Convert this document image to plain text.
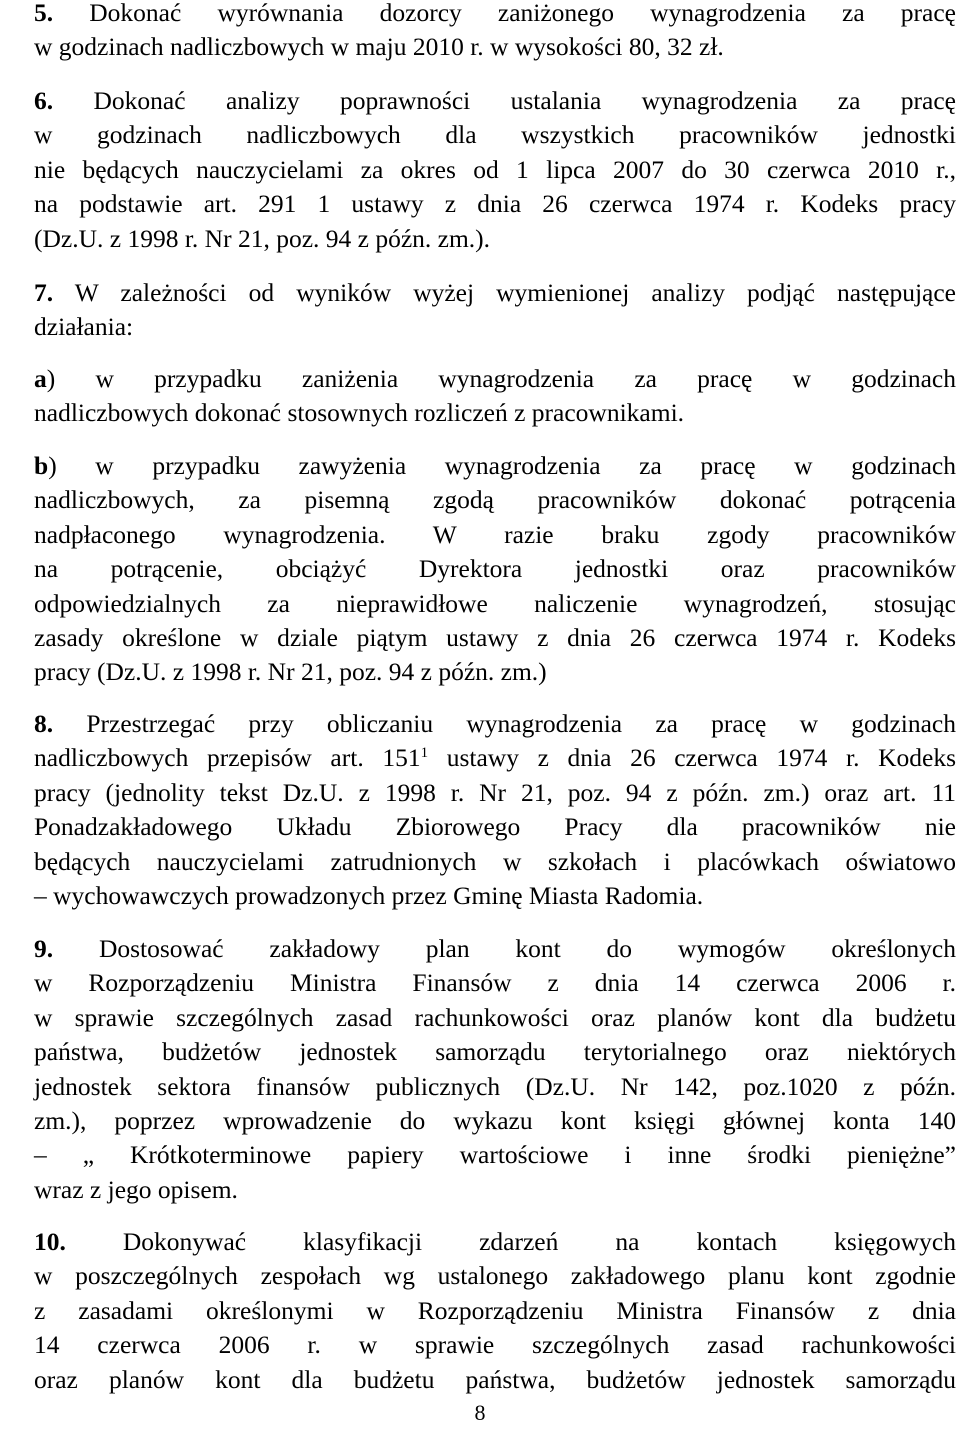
5. Dokonać wyrównania dozorcy zaniżonego wynagrodzenia za pracę
w godzinach nadliczbowych w maju 2010 r. w wysokości 80, 32 zł.
6. Dokonać analizy poprawności ustalania wynagrodzenia za pracę
w godzinach nadliczbowych dla wszystkich pracowników jednostki
nie będących nauczycielami za okres od 1 lipca 2007 do 30 czerwca 2010 r.,
na podstawie art. 291 1 ustawy z dnia 26 czerwca 1974 r. Kodeks pracy
(Dz.U. z 1998 r. Nr 21, poz. 94 z późn. zm.).
7. W zależności od wyników wyżej wymienionej analizy podjąć następujące
działania:
a) w przypadku zaniżenia wynagrodzenia za pracę w godzinach
nadliczbowych dokonać stosownych rozliczeń z pracownikami.
b) w przypadku zawyżenia wynagrodzenia za pracę w godzinach
nadliczbowych, za pisemną zgodą pracowników dokonać potrącenia
nadpłaconego wynagrodzenia. W razie braku zgody pracowników
na potrącenie, obciążyć Dyrektora jednostki oraz pracowników
odpowiedzialnych za nieprawidłowe naliczenie wynagrodzeń, stosując
zasady określone w dziale piątym ustawy z dnia 26 czerwca 1974 r. Kodeks
pracy (Dz.U. z 1998 r. Nr 21, poz. 94 z późn. zm.)
8. Przestrzegać przy obliczaniu wynagrodzenia za pracę w godzinach
nadliczbowych przepisów art. $151^1$ ustawy z dnia 26 czerwca 1974 r. Kodeks
pracy (jednolity tekst Dz.U. z 1998 r. Nr 21, poz. 94 z późn. zm.) oraz art. 11
Ponadzakładowego Układu Zbiorowego Pracy dla pracowników nie
będących nauczycielami zatrudnionych w szkołach i placówkach oświatowo
– wychowawczych prowadzonych przez Gminę Miasta Radomia.
9. Dostosować zakładowy plan kont do wymogów określonych
w Rozporządzeniu Ministra Finansów z dnia 14 czerwca 2006 r.
w sprawie szczególnych zasad rachunkowości oraz planów kont dla budżetu
państwa, budżetów jednostek samorządu terytorialnego oraz niektórych
jednostek sektora finansów publicznych (Dz.U. Nr 142, poz.1020 z późn.
zm.), poprzez wprowadzenie do wykazu kont księgi głównej konta 140
– „ Krótkoterminowe papiery wartościowe i inne środki pieniężne”
wraz z jego opisem.
10. Dokonywać klasyfikacji zdarzeń na kontach księgowych
w poszczególnych zespołach wg ustalonego zakładowego planu kont zgodnie
z zasadami określonymi w Rozporządzeniu Ministra Finansów z dnia
14 czerwca 2006 r. w sprawie szczególnych zasad rachunkowości
oraz planów kont dla budżetu państwa, budżetów jednostek samorządu
8
